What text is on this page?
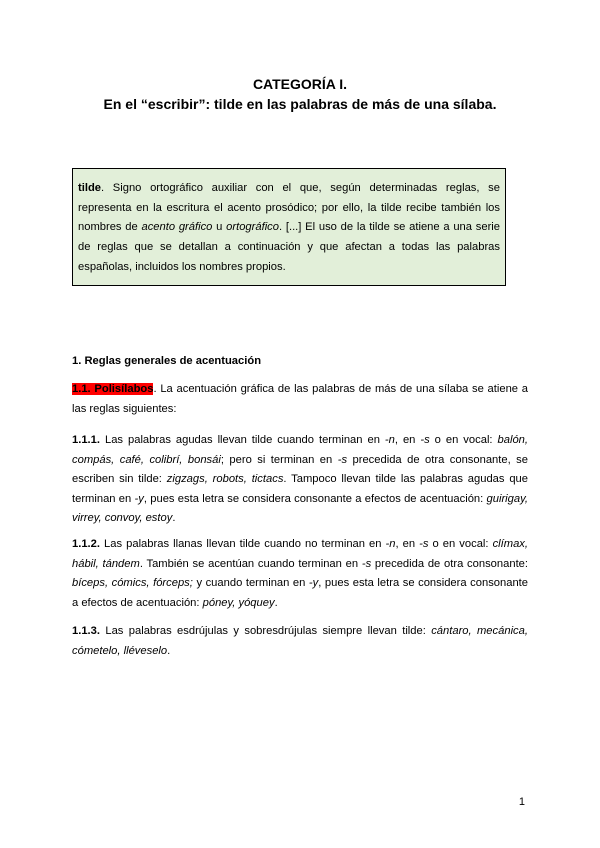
CATEGORÍA I.
En el “escribir”: tilde en las palabras de más de una sílaba.
tilde. Signo ortográfico auxiliar con el que, según determinadas reglas, se representa en la escritura el acento prosódico; por ello, la tilde recibe también los nombres de acento gráfico u ortográfico. [...] El uso de la tilde se atiene a una serie de reglas que se detallan a continuación y que afectan a todas las palabras españolas, incluidos los nombres propios.
1. Reglas generales de acentuación
1.1. Polisílabos. La acentuación gráfica de las palabras de más de una sílaba se atiene a las reglas siguientes:
1.1.1. Las palabras agudas llevan tilde cuando terminan en -n, en -s o en vocal: balón, compás, café, colibrí, bonsái; pero si terminan en -s precedida de otra consonante, se escriben sin tilde: zigzags, robots, tictacs. Tampoco llevan tilde las palabras agudas que terminan en -y, pues esta letra se considera consonante a efectos de acentuación: guirigay, virrey, convoy, estoy.
1.1.2. Las palabras llanas llevan tilde cuando no terminan en -n, en -s o en vocal: clímax, hábil, tándem. También se acentúan cuando terminan en -s precedida de otra consonante: bíceps, cómics, fórceps; y cuando terminan en -y, pues esta letra se considera consonante a efectos de acentuación: póney, yóquey.
1.1.3. Las palabras esdrújulas y sobresdrújulas siempre llevan tilde: cántaro, mecánica, cómetelo, lléveselo.
1
